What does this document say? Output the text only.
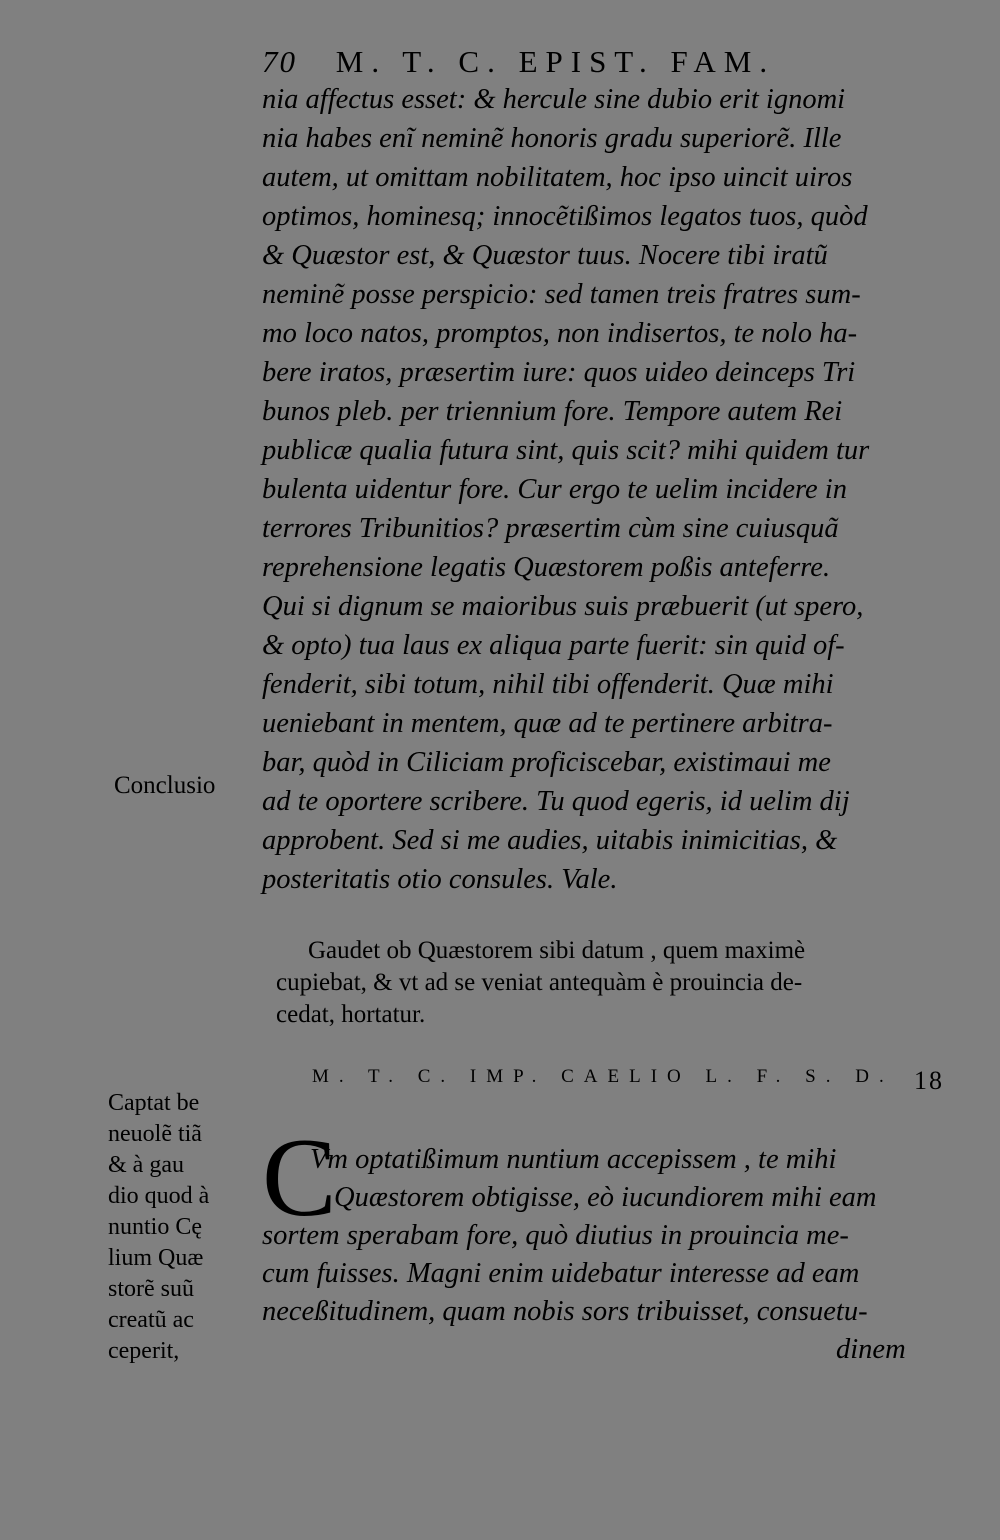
70 M. T. C. EPIST. FAM.
nia affectus esset: & hercule sine dubio erit ignomi
nia habes enĩ neminẽ honoris gradu superiorẽ. Ille
autem, ut omittam nobilitatem, hoc ipso uincit uiros
optimos, hominesq; innocẽtißimos legatos tuos, quòd
& Quæstor est, & Quæstor tuus. Nocere tibi iratũ
neminẽ posse perspicio: sed tamen treis fratres sum-
mo loco natos, promptos, non indisertos, te nolo ha-
bere iratos, præsertim iure: quos uideo deinceps Tri
bunos pleb. per triennium fore. Tempore autem Rei
publicæ qualia futura sint, quis scit? mihi quidem tur
bulenta uidentur fore. Cur ergo te uelim incidere in
terrores Tribunitios? præsertim cùm sine cuiusquã
reprehensione legatis Quæstorem poßis anteferre.
Qui si dignum se maioribus suis præbuerit (ut spero,
& opto) tua laus ex aliqua parte fuerit: sin quid of-
fenderit, sibi totum, nihil tibi offenderit. Quæ mihi
ueniebant in mentem, quæ ad te pertinere arbitra-
bar, quòd in Ciliciam proficiscebar, existimaui me
ad te oportere scribere. Tu quod egeris, id uelim dij
approbent. Sed si me audies, uitabis inimicitias, &
posteritatis otio consules. Vale.
Conclusio
Gaudet ob Quæstorem sibi datum , quem maximè
cupiebat, & vt ad se veniat antequàm è prouincia de-
cedat, hortatur.
M. T. C. IMP. CAELIO L. F. S. D. 18
Captat be
neuolẽ tiã
& à gau
dio quod à
nuntio Cę
lium Quæ
storẽ suũ
creatũ ac
ceperit,
C
Vm optatißimum nuntium accepissem , te mihi
Quæstorem obtigisse, eò iucundiorem mihi eam
sortem sperabam fore, quò diutius in prouincia me-
cum fuisses. Magni enim uidebatur interesse ad eam
neceßitudinem, quam nobis sors tribuisset, consuetu-
dinem
